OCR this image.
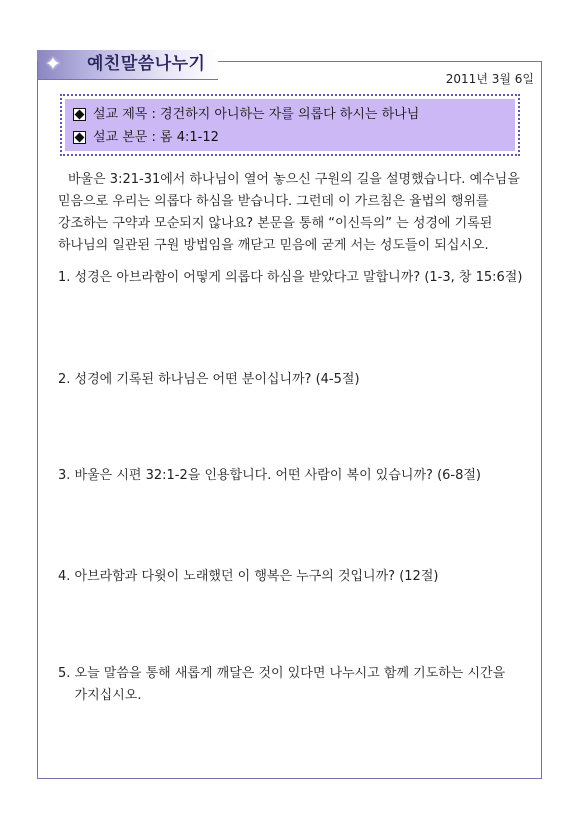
✦ 예친말씀나누기
2011년 3월 6일
설교 제목 : 경건하지 아니하는 자를 의롭다 하시는 하나님
설교 본문 : 롬 4:1-12

바울은 3:21-31에서 하나님이 열어 놓으신 구원의 길을 설명했습니다. 예수님을 믿음으로 우리는 의롭다 하심을 받습니다. 그런데 이 가르침은 율법의 행위를 강조하는 구약과 모순되지 않나요? 본문을 통해 “이신득의” 는 성경에 기록된 하나님의 일관된 구원 방법임을 깨닫고 믿음에 굳게 서는 성도들이 되십시오.

1. 성경은 아브라함이 어떻게 의롭다 하심을 받았다고 말합니까? (1-3, 창 15:6절)
2. 성경에 기록된 하나님은 어떤 분이십니까? (4-5절)
3. 바울은 시편 32:1-2을 인용합니다. 어떤 사람이 복이 있습니까? (6-8절)
4. 아브라함과 다윗이 노래했던 이 행복은 누구의 것입니까? (12절)
5. 오늘 말씀을 통해 새롭게 깨달은 것이 있다면 나누시고 함께 기도하는 시간을 가지십시오.
